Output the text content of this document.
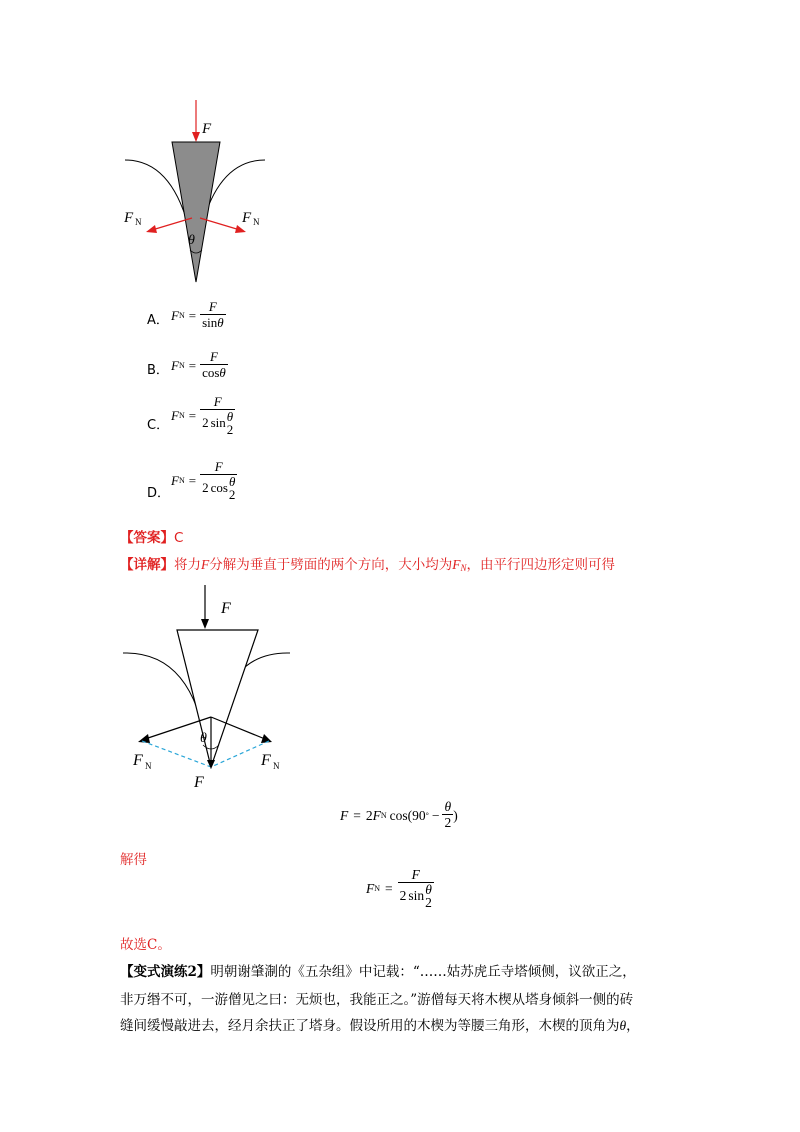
F
F N	F N
θ
A． F $N = \frac{F}{\sin\theta}$
B． F $N = \frac{F}{\cos\theta}$
C．
F N = F
2 sin θ
2
D．
F N = F
2 cos θ
2
【答案】C
【详解】将力F分解为垂直于劈面的两个方向，大小均为FN，由平行四边形定则可得
F
θ
F N	F N
F
F = 2 F N cos(90 ° − $\frac{\theta}{2}$ )
解得
F N = F
2 sin θ
2
故选C。
【变式演练2】明朝谢肇淛的《五杂组》中记载：“……姑苏虎丘寺塔倾侧，议欲正之，
非万缗不可，一游僧见之曰：无烦也，我能正之。”游僧每天将木楔从塔身倾斜一侧的砖
缝间缓慢敲进去，经月余扶正了塔身。假设所用的木楔为等腰三角形，木楔的顶角为θ，
